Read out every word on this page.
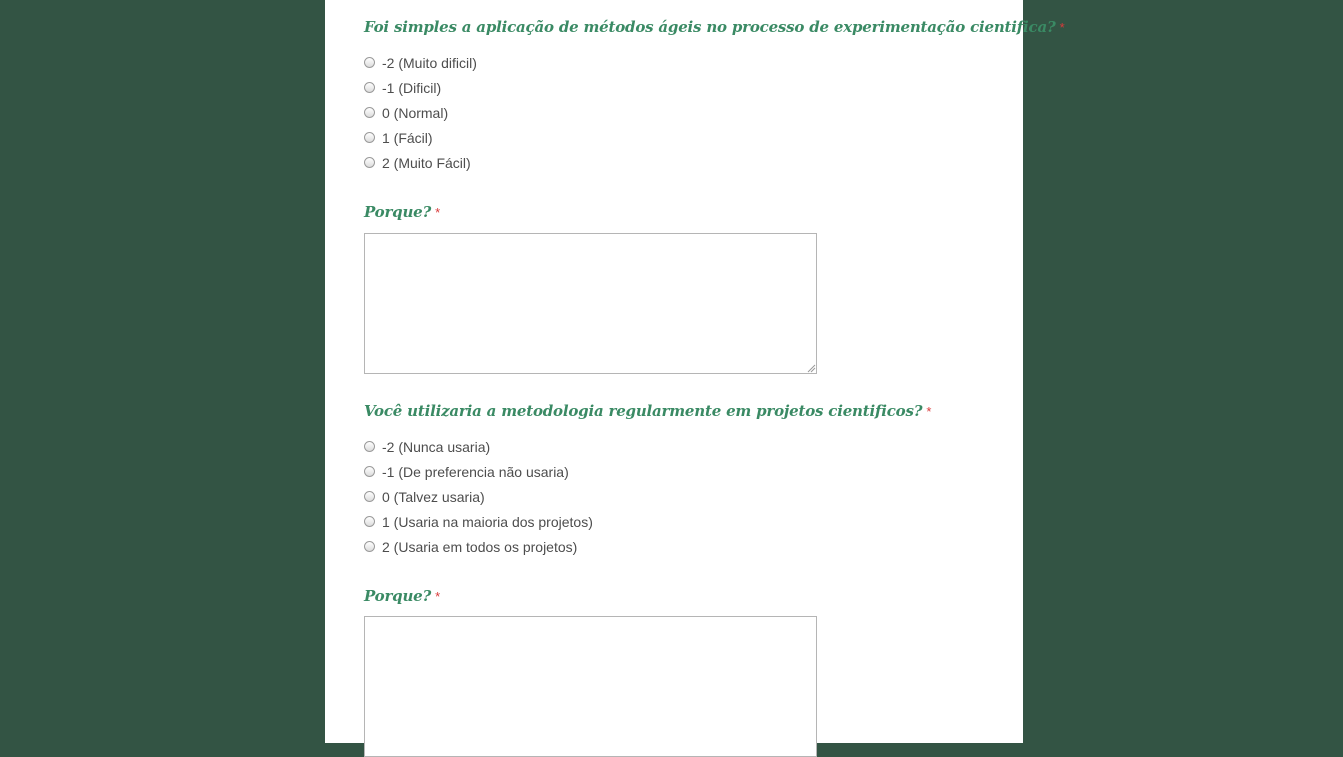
Foi simples a aplicação de métodos ágeis no processo de experimentação cientifica? *
-2 (Muito dificil)
-1 (Dificil)
0 (Normal)
1 (Fácil)
2 (Muito Fácil)
Porque? *
Você utilizaria a metodologia regularmente em projetos cientificos? *
-2 (Nunca usaria)
-1 (De preferencia não usaria)
0 (Talvez usaria)
1 (Usaria na maioria dos projetos)
2 (Usaria em todos os projetos)
Porque? *
